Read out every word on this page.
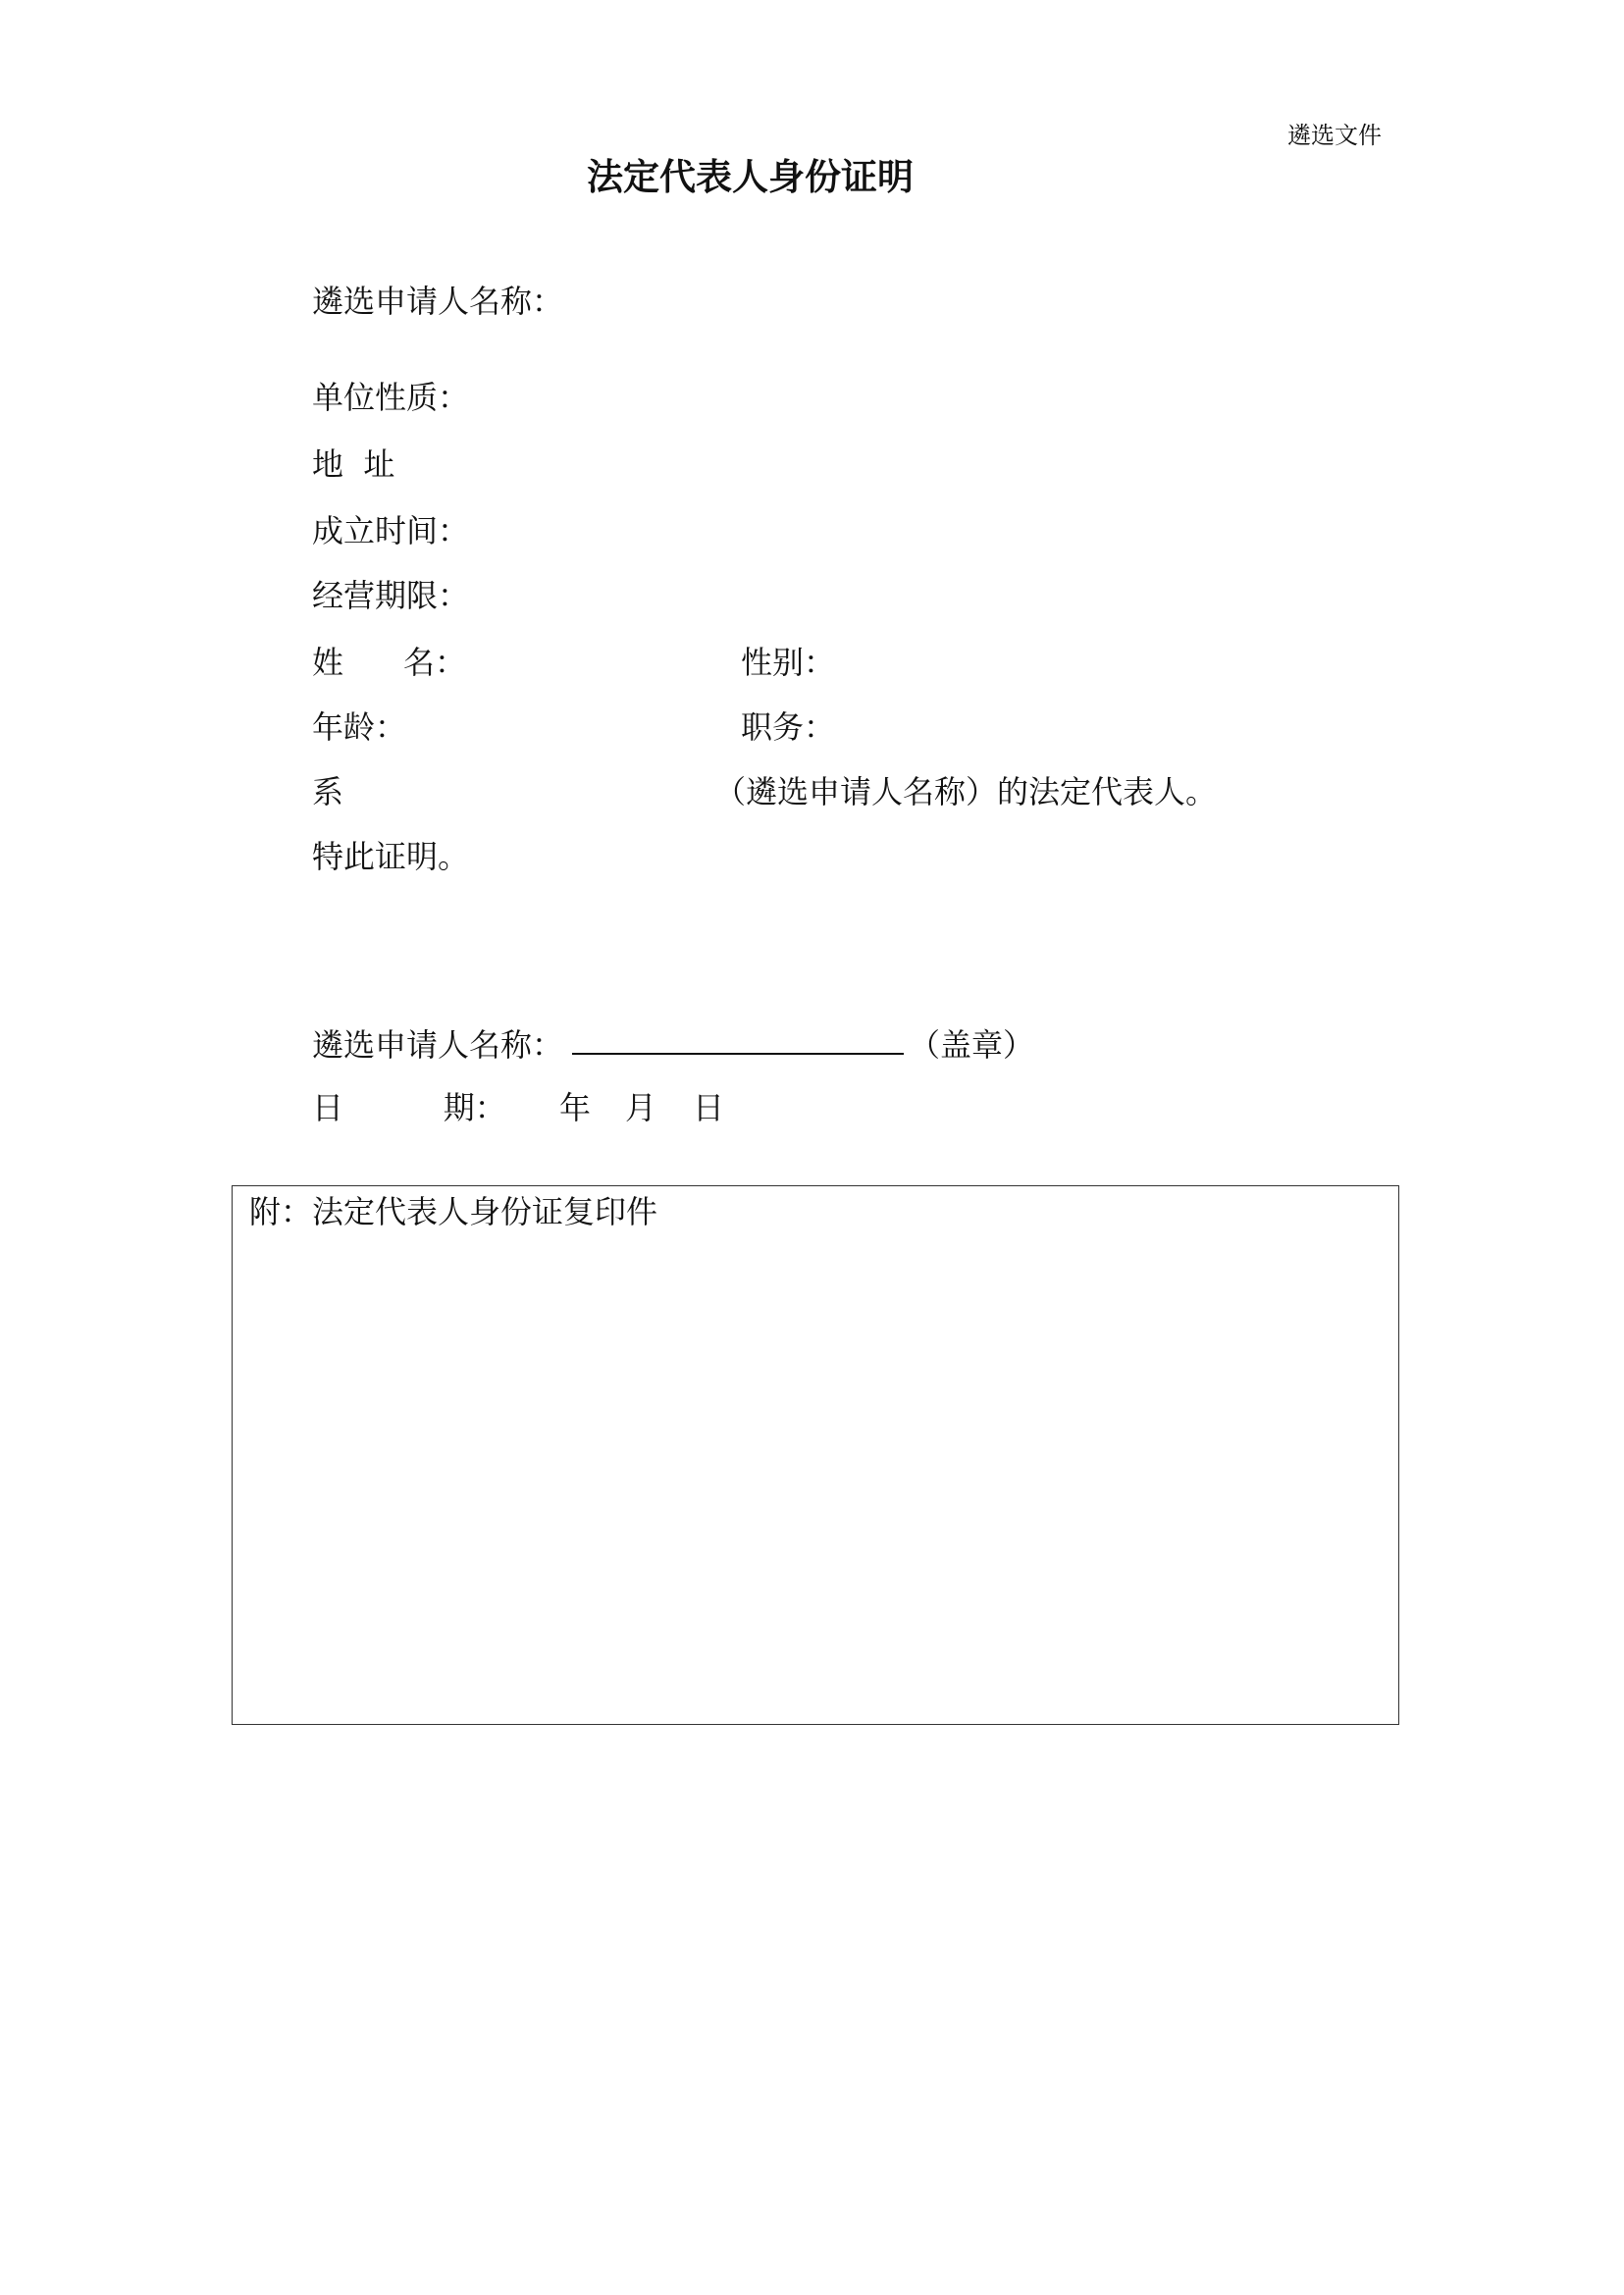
遴选文件
法定代表人身份证明
遴选申请人名称：
单位性质：
地  址
成立时间：
经营期限：
姓      名：	性别：
年龄：	职务：
系	（遴选申请人名称）的法定代表人。
特此证明。
遴选申请人名称：	（盖章）
日          期： 年 月 日
附：法定代表人身份证复印件
